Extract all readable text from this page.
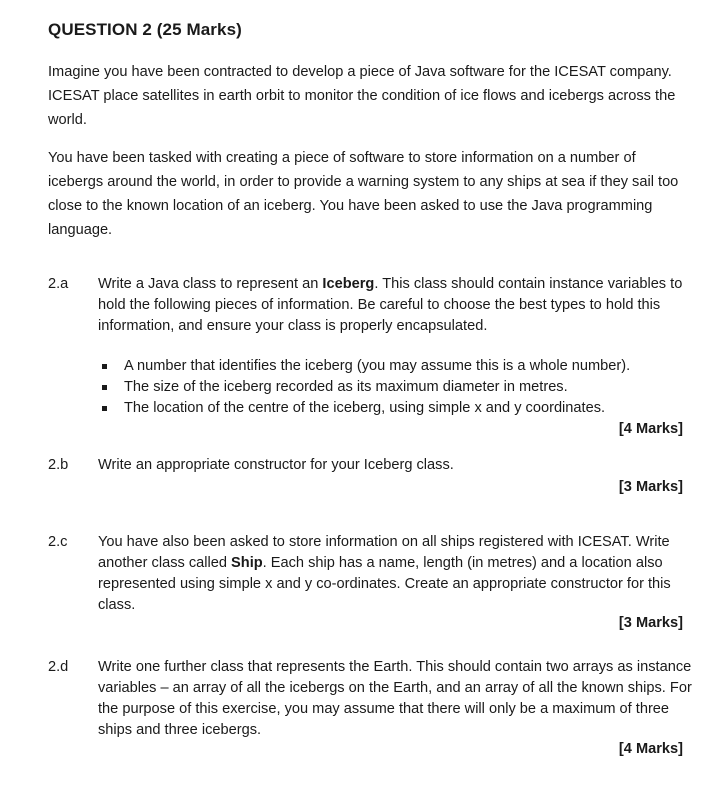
QUESTION 2 (25 Marks)
Imagine you have been contracted to develop a piece of Java software for the ICESAT company. ICESAT place satellites in earth orbit to monitor the condition of ice flows and icebergs across the world.
You have been tasked with creating a piece of software to store information on a number of icebergs around the world, in order to provide a warning system to any ships at sea if they sail too close to the known location of an iceberg. You have been asked to use the Java programming language.
2.a Write a Java class to represent an Iceberg. This class should contain instance variables to hold the following pieces of information. Be careful to choose the best types to hold this information, and ensure your class is properly encapsulated.
A number that identifies the iceberg (you may assume this is a whole number).
The size of the iceberg recorded as its maximum diameter in metres.
The location of the centre of the iceberg, using simple x and y coordinates.
[4 Marks]
2.b Write an appropriate constructor for your Iceberg class.
[3 Marks]
2.c You have also been asked to store information on all ships registered with ICESAT. Write another class called Ship. Each ship has a name, length (in metres) and a location also represented using simple x and y co-ordinates. Create an appropriate constructor for this class.
[3 Marks]
2.d Write one further class that represents the Earth. This should contain two arrays as instance variables – an array of all the icebergs on the Earth, and an array of all the known ships. For the purpose of this exercise, you may assume that there will only be a maximum of three ships and three icebergs.
[4 Marks]
